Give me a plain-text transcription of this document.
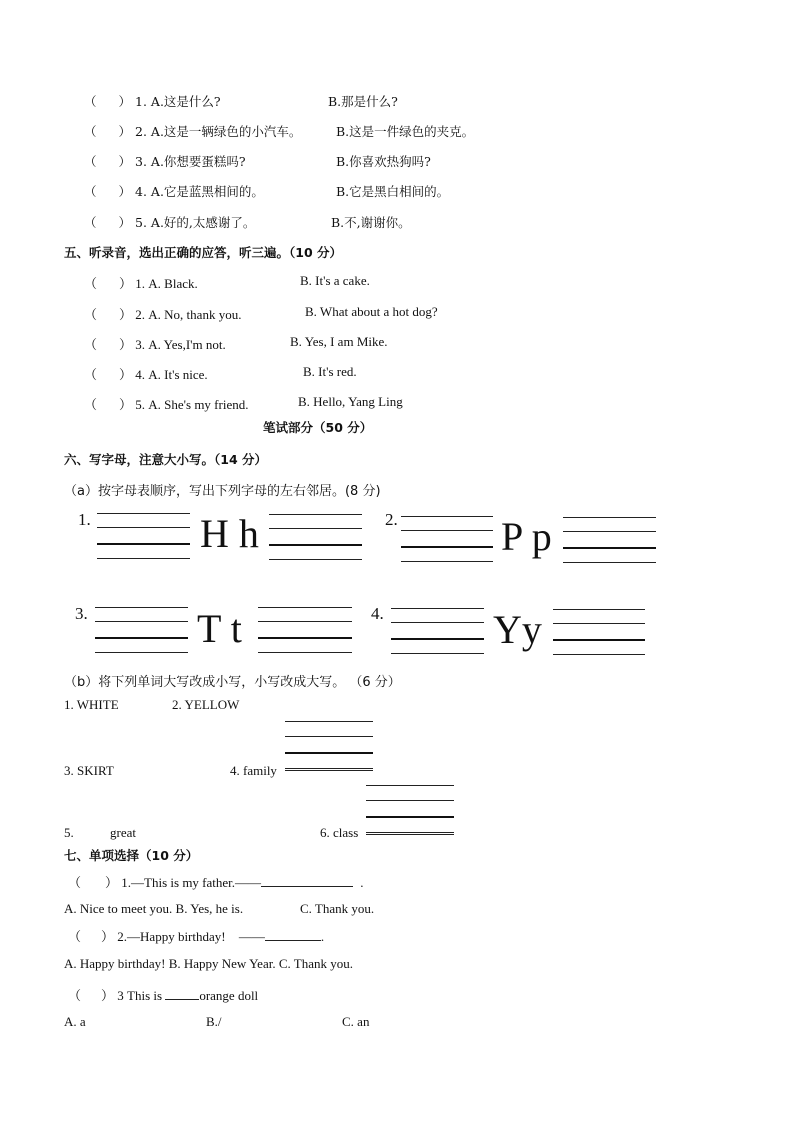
（ ） 1. A.这是什么?	B.那是什么?
（ ） 2. A.这是一辆绿色的小汽车。	B.这是一件绿色的夹克。
（ ） 3. A.你想要蛋糕吗?	B.你喜欢热狗吗?
（ ） 4. A.它是蓝黑相间的。	B.它是黑白相间的。
（ ） 5. A.好的,太感谢了。	B.不,谢谢你。
五、听录音，选出正确的应答，听三遍。（10 分）
（ ） 1. A. Black.	B. It's a cake.
（ ） 2. A. No, thank you.	B. What about a hot dog?
（ ） 3. A. Yes,I'm not.	B. Yes, I am Mike.
（ ） 4. A. It's nice.	B. It's red.
（ ） 5. A. She's my friend.	B. Hello, Yang Ling
笔试部分（50 分）
六、写字母，注意大小写。（14 分）
（a）按字母表顺序，写出下列字母的左右邻居。(8 分)
1.	H h	2.	P p
3.	T t	4.	Yy
（b）将下列单词大写改成小写，小写改成大写。 （6 分）
1. WHITE	2. YELLOW
3. SKIRT	4. family
5.	great	6. class
七、单项选择（10 分）
（ ） 1.—This is my father.——	.
A. Nice to meet you. B. Yes, he is.	C. Thank you.
（ ） 2.—Happy birthday! ——	.
A. Happy birthday! B. Happy New Year. C. Thank you.
（ ） 3 This is	orange doll
A. a	B./	C. an
